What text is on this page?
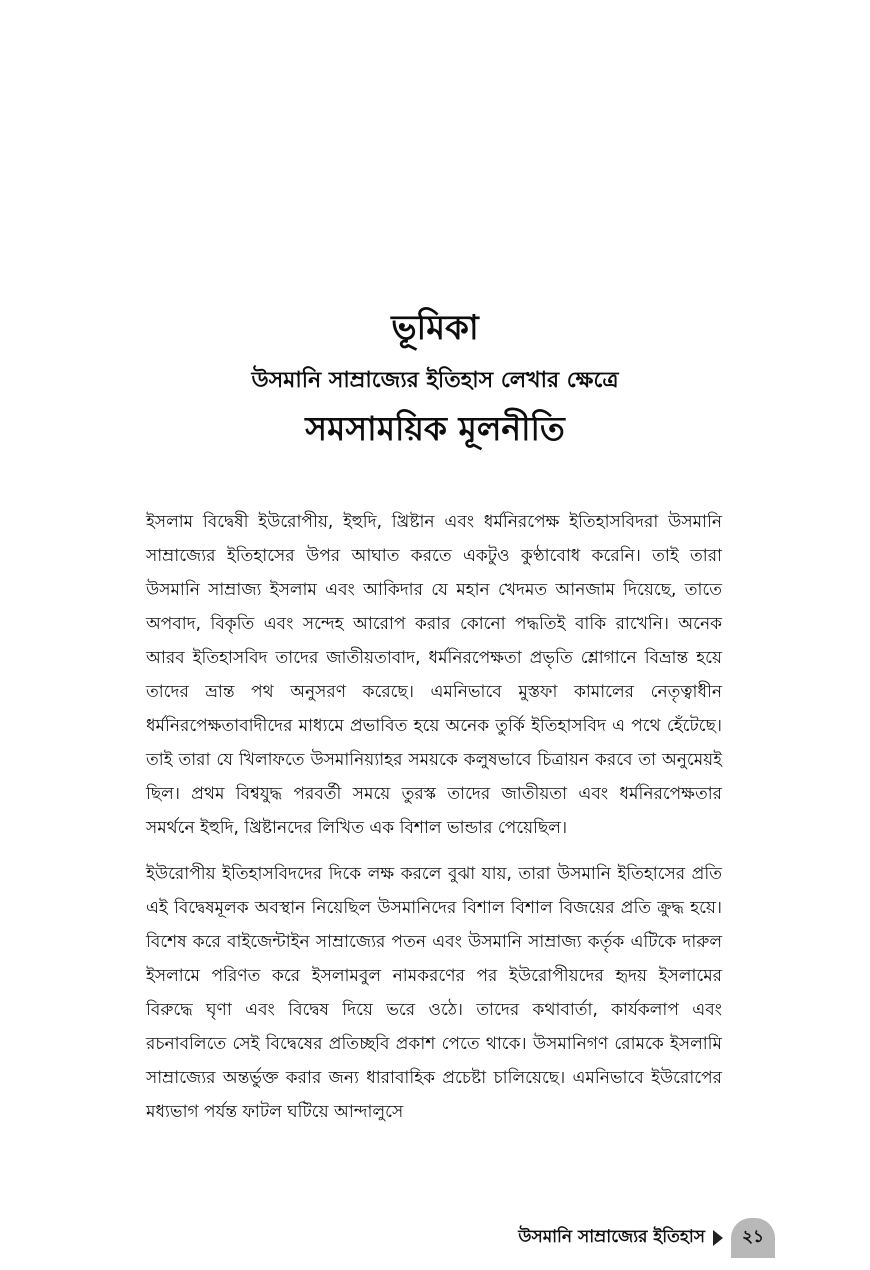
ভূমিকা
উসমানি সাম্রাজ্যের ইতিহাস লেখার ক্ষেত্রে
সমসাময়িক মূলনীতি

ইসলাম বিদ্বেষী ইউরোপীয়, ইহুদি, খ্রিষ্টান এবং ধর্মনিরপেক্ষ ইতিহাসবিদরা উসমানি সাম্রাজ্যের ইতিহাসের উপর আঘাত করতে একটুও কুণ্ঠাবোধ করেনি। তাই তারা উসমানি সাম্রাজ্য ইসলাম এবং আকিদার যে মহান খেদমত আনজাম দিয়েছে, তাতে অপবাদ, বিকৃতি এবং সন্দেহ আরোপ করার কোনো পদ্ধতিই বাকি রাখেনি। অনেক আরব ইতিহাসবিদ তাদের জাতীয়তাবাদ, ধর্মনিরপেক্ষতা প্রভৃতি শ্লোগানে বিভ্রান্ত হয়ে তাদের ভ্রান্ত পথ অনুসরণ করেছে। এমনিভাবে মুস্তফা কামালের নেতৃত্বাধীন ধর্মনিরপেক্ষতাবাদীদের মাধ্যমে প্রভাবিত হয়ে অনেক তুর্কি ইতিহাসবিদ এ পথে হেঁটেছে। তাই তারা যে খিলাফতে উসমানিয়্যাহর সময়কে কলুষভাবে চিত্রায়ন করবে তা অনুমেয়ই ছিল। প্রথম বিশ্বযুদ্ধ পরবর্তী সময়ে তুরস্ক তাদের জাতীয়তা এবং ধর্মনিরপেক্ষতার সমর্থনে ইহুদি, খ্রিষ্টানদের লিখিত এক বিশাল ভান্ডার পেয়েছিল।

ইউরোপীয় ইতিহাসবিদদের দিকে লক্ষ করলে বুঝা যায়, তারা উসমানি ইতিহাসের প্রতি এই বিদ্বেষমূলক অবস্থান নিয়েছিল উসমানিদের বিশাল বিশাল বিজয়ের প্রতি ক্রুদ্ধ হয়ে। বিশেষ করে বাইজেন্টাইন সাম্রাজ্যের পতন এবং উসমানি সাম্রাজ্য কর্তৃক এটিকে দারুল ইসলামে পরিণত করে ইসলামবুল নামকরণের পর ইউরোপীয়দের হৃদয় ইসলামের বিরুদ্ধে ঘৃণা এবং বিদ্বেষ দিয়ে ভরে ওঠে। তাদের কথাবার্তা, কার্যকলাপ এবং রচনাবলিতে সেই বিদ্বেষের প্রতিচ্ছবি প্রকাশ পেতে থাকে। উসমানিগণ রোমকে ইসলামি সাম্রাজ্যের অন্তর্ভুক্ত করার জন্য ধারাবাহিক প্রচেষ্টা চালিয়েছে। এমনিভাবে ইউরোপের মধ্যভাগ পর্যন্ত ফাটল ঘটিয়ে আন্দালুসে

উসমানি সাম্রাজ্যের ইতিহাস ২১
